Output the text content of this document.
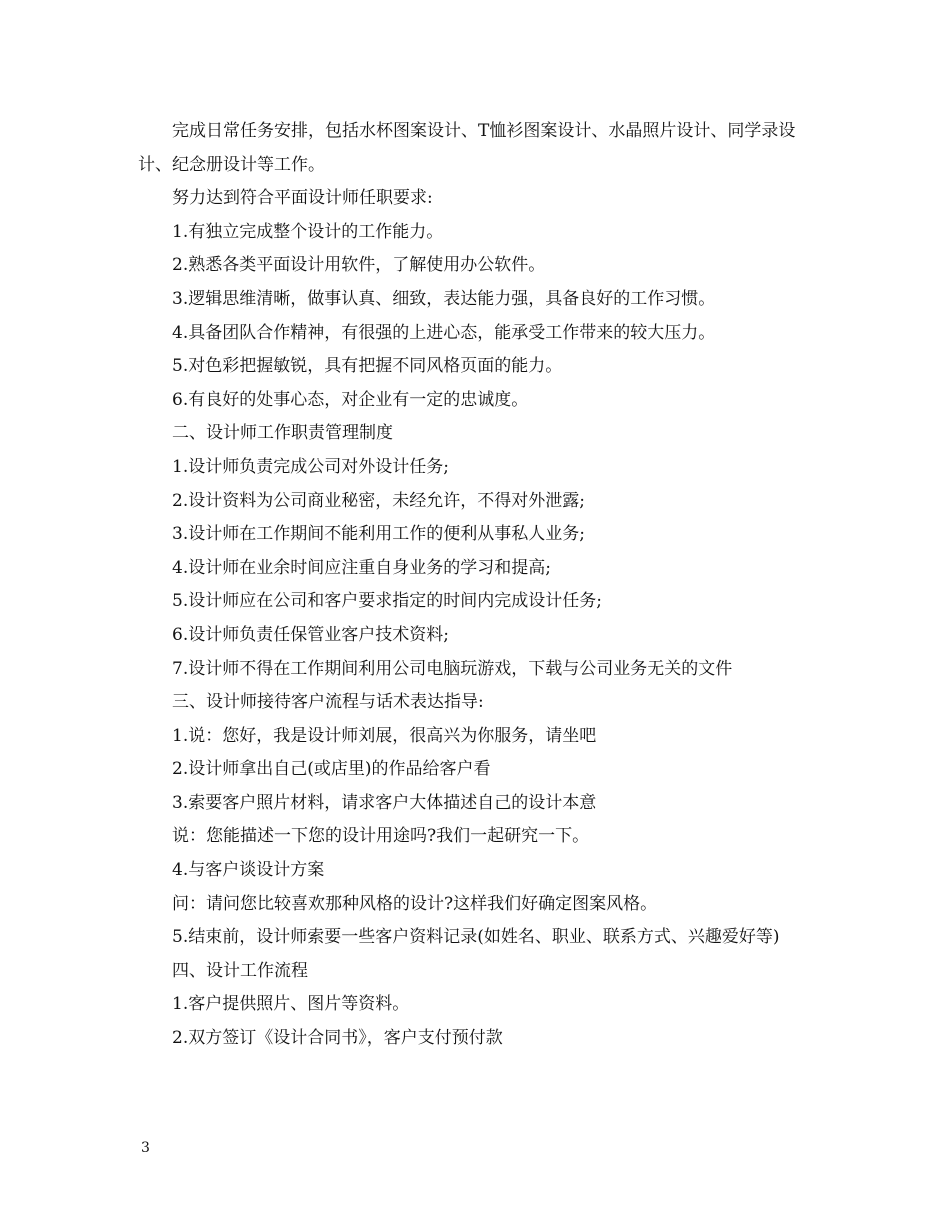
完成日常任务安排，包括水杯图案设计、T恤衫图案设计、水晶照片设计、同学录设计、纪念册设计等工作。

努力达到符合平面设计师任职要求:

1.有独立完成整个设计的工作能力。

2.熟悉各类平面设计用软件，了解使用办公软件。

3.逻辑思维清晰，做事认真、细致，表达能力强，具备良好的工作习惯。

4.具备团队合作精神，有很强的上进心态，能承受工作带来的较大压力。

5.对色彩把握敏锐，具有把握不同风格页面的能力。

6.有良好的处事心态，对企业有一定的忠诚度。

二、设计师工作职责管理制度

1.设计师负责完成公司对外设计任务;

2.设计资料为公司商业秘密，未经允许，不得对外泄露;

3.设计师在工作期间不能利用工作的便利从事私人业务;

4.设计师在业余时间应注重自身业务的学习和提高;

5.设计师应在公司和客户要求指定的时间内完成设计任务;

6.设计师负责任保管业客户技术资料;

7.设计师不得在工作期间利用公司电脑玩游戏，下载与公司业务无关的文件

三、设计师接待客户流程与话术表达指导:

1.说：您好，我是设计师刘展，很高兴为你服务，请坐吧

2.设计师拿出自己(或店里)的作品给客户看

3.索要客户照片材料，请求客户大体描述自己的设计本意

说：您能描述一下您的设计用途吗?我们一起研究一下。

4.与客户谈设计方案

问：请问您比较喜欢那种风格的设计?这样我们好确定图案风格。

5.结束前，设计师索要一些客户资料记录(如姓名、职业、联系方式、兴趣爱好等)

四、设计工作流程

1.客户提供照片、图片等资料。

2.双方签订《设计合同书》，客户支付预付款

3
